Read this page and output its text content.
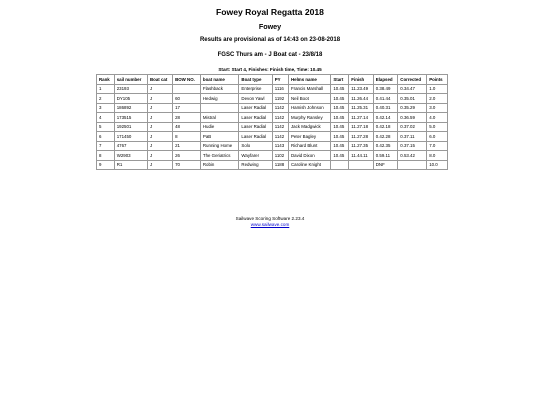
Fowey Royal Regatta 2018
Fowey
Results are provisional as of 14:43 on 23-08-2018
FGSC Thurs am - J Boat cat - 23/8/18
Start: Start 4, Finishes: Finish time, Time: 10.45
Rank	sail number	Boat cat	BOW NO.	boat name	Boat type	PY	Helms name	Start	Finish	Elapsed	Corrected	Points
1	23193	J		Flashback	Enterprise	1116	Francis Marshall	10.45	11.23.49	0.38.49	0.34.47	1.0
2	DY105	J	60	Hedwig	Devon Yawl	1192	Neil Boot	10.45	11.26.44	0.41.44	0.35.01	2.0
3	186892	J	17		Laser Radial	1142	Hamish Johnson	10.45	11.25.31	0.40.31	0.35.29	3.0
4	173515	J	28	Mistral	Laser Radial	1142	Murphy Ransley	10.45	11.27.14	0.42.14	0.36.59	4.0
5	192501	J	48	Hudie	Laser Radial	1142	Jack Madgwick	10.45	11.27.18	0.42.18	0.37.02	5.0
6	171450	J	8	PaB	Laser Radial	1142	Peter Bagley	10.45	11.27.28	0.42.28	0.37.11	6.0
7	4767	J	21	Running Home	Solo	1143	Richard Blunt	10.45	11.27.35	0.42.35	0.37.15	7.0
8	W2903	J	26	The Geriatrics	Wayfarer	1102	David Dixon	10.45	11.44.11	0.59.11	0.53.42	8.0
9	R1	J	70	Robin	Redwing	1188	Caroline Knight			DNF		10.0
Sailwave Scoring Software 2.23.4
www.sailwave.com
